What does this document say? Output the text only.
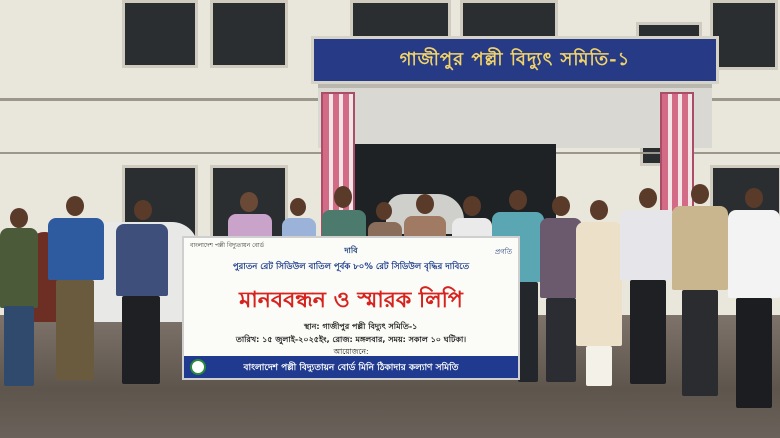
গাজীপুর পল্লী বিদ্যুৎ সমিতি-১
বাংলাদেশ পল্লী বিদ্যুতায়ন বোর্ড	দাবি	প্রগতি
পুরাতন রেট সিডিউল বাতিল পূর্বক ৮০% রেট সিডিউল বৃদ্ধির দাবিতে
মানববন্ধন ও স্মারক লিপি
স্থান: গাজীপুর পল্লী বিদ্যুৎ সমিতি-১
তারিখ: ১৫ জুলাই-২০২৫ইং, রোজ: মঙ্গলবার, সময়: সকাল ১০ ঘটিকা।
আয়োজনে:
বাংলাদেশ পল্লী বিদ্যুতায়ন বোর্ড মিনি ঠিকাদার কল্যাণ সমিতি
